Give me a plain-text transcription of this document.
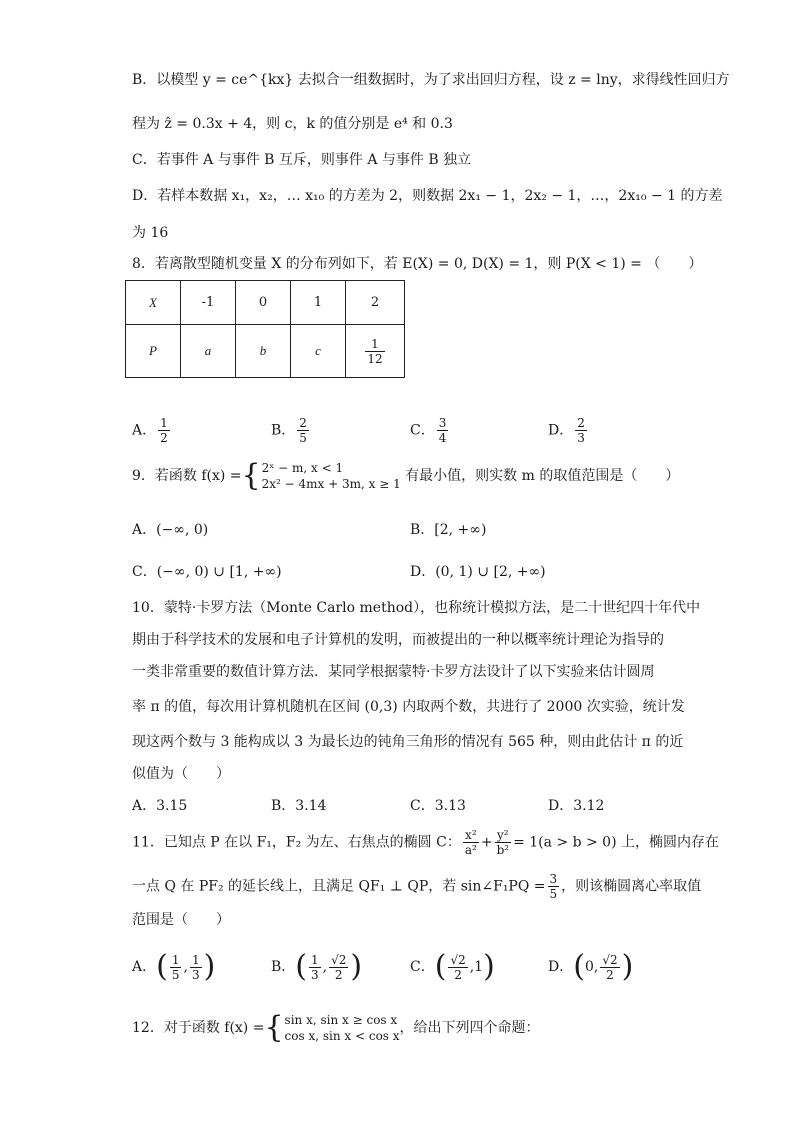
B．以模型 y = ce^{kx} 去拟合一组数据时，为了求出回归方程，设 z = lny，求得线性回归方
程为 ẑ = 0.3x + 4，则 c，k 的值分别是 e⁴ 和 0.3
C．若事件 A 与事件 B 互斥，则事件 A 与事件 B 独立
D．若样本数据 x₁，x₂，… x₁₀ 的方差为 2，则数据 2x₁ − 1，2x₂ − 1，…，2x₁₀ − 1 的方差
为 16
8．若离散型随机变量 X 的分布列如下，若 E(X) = 0, D(X) = 1，则 P(X < 1) = （　　）
X	-1	0	1	2
P	a	b	c	$\frac{1}{12}$
A． $\frac{1}{2}$	B． $\frac{2}{5}$	C． $\frac{3}{4}$	D． $\frac{2}{3}$
9．若函数 f(x) ={ 2ˣ − m, x < 1
2x² − 4mx + 3m, x ≥ 1 有最小值，则实数 m 的取值范围是（　　）
A．(−∞, 0)	B．[2, +∞)
C．(−∞, 0) ∪ [1, +∞)	D．(0, 1) ∪ [2, +∞)
10．蒙特·卡罗方法（Monte Carlo method），也称统计模拟方法，是二十世纪四十年代中
期由于科学技术的发展和电子计算机的发明，而被提出的一种以概率统计理论为指导的
一类非常重要的数值计算方法．某同学根据蒙特·卡罗方法设计了以下实验来估计圆周
率 π 的值，每次用计算机随机在区间 (0,3) 内取两个数，共进行了 2000 次实验，统计发
现这两个数与 3 能构成以 3 为最长边的钝角三角形的情况有 565 种，则由此估计 π 的近
似值为（　　）
A．3.15	B．3.14	C．3.13	D．3.12
11．已知点 P 在以 F₁，F₂ 为左、右焦点的椭圆 C： $\frac{\text{x²}}{\text{a²}} + \frac{\text{y²}}{\text{b²}} = 1(a > b > 0)$ 上，椭圆内存在
一点 Q 在 PF₂ 的延长线上，且满足 QF₁ ⊥ QP，若 sin∠F₁PQ = $\frac{3}{5}$ ，则该椭圆离心率取值
范围是（　　）
A．( $\frac{1}{5}$ , $\frac{1}{3}$ )	B．( $\frac{1}{3}$ , $\frac{√2}{2}$ )	C．( $\frac{√2}{2} ,1$)	D．(0, $\frac{√2}{2}$ )
12．对于函数 f(x) ={ sin x, sin x ≥ cos x
cos x, sin x < cos x ，给出下列四个命题：
